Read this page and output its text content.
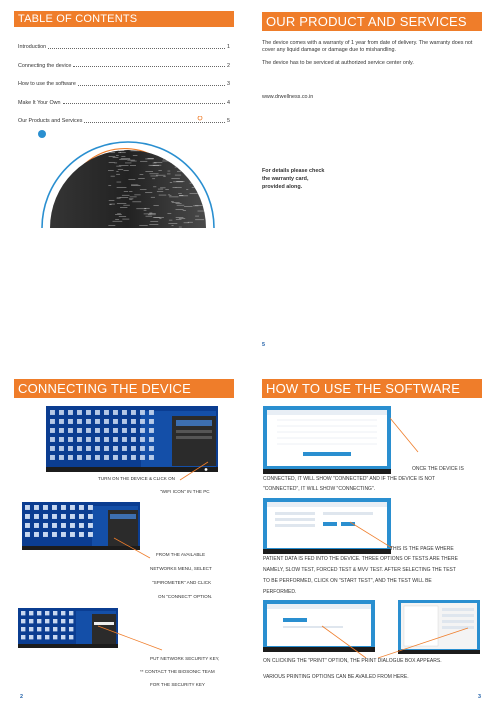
TABLE OF CONTENTS
Introduction	1
Connecting the device	2
How to use the software	3
Make It Your Own	4
Our Products and Services	5
OUR PRODUCT AND SERVICES
The device comes with a warranty of 1 year from date of delivery. The warranty does not cover any liquid damage or damage due to mishandling.
The device has to be serviced at authorized service center only.
www.drwellness.co.in
For details please check
the warranty card,
provided along.
5
CONNECTING THE DEVICE
TURN ON THE DEVICE & CLICK ON
"WIFI ICON" IN THE PC
FROM THE AVAILABLE
NETWORKS MENU, SELECT
"SPIROMETER" AND CLICK
ON "CONNECT" OPTION.
PUT NETWORK SECURITY KEY,
** CONTACT THE BIOSONIC TEAM
FOR THE SECURITY KEY
2
HOW TO USE THE SOFTWARE
ONCE THE DEVICE IS
CONNECTED, IT WILL SHOW "CONNECTED" AND IF THE DEVICE IS NOT
"CONNECTED", IT WILL SHOW "CONNECTING".
THIS IS THE PAGE WHERE
PATIENT DATA IS FED INTO THE DEVICE. THREE OPTIONS OF TESTS ARE THERE
NAMELY, SLOW TEST, FORCED TEST & MVV TEST. AFTER SELECTING THE TEST
TO BE PERFORMED, CLICK ON "START TEST", AND THE TEST WILL BE
PERFORMED.
ON CLICKING THE "PRINT" OPTION, THE PRINT DIALOGUE BOX APPEARS.
VARIOUS PRINTING OPTIONS CAN BE AVAILED FROM HERE.
3
